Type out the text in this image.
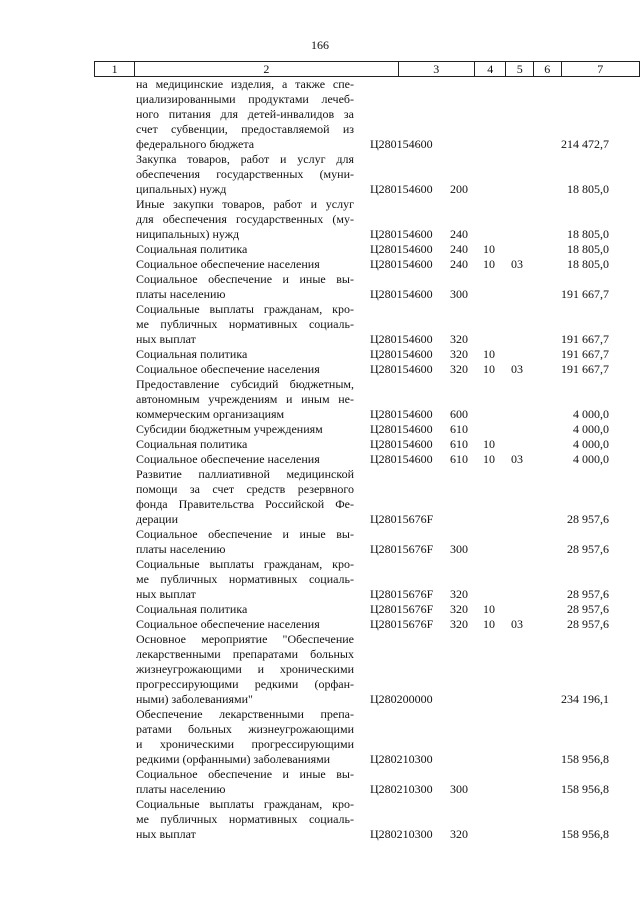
166
1	2	3	4	5	6	7
на медицинские изделия, а также спе-
циализированными продуктами лечеб-
ного питания для детей-инвалидов за
счет субвенции, предоставляемой из
федерального бюджета	Ц280154600	214 472,7
Закупка товаров, работ и услуг для
обеспечения государственных (муни-
ципальных) нужд	Ц280154600 200	18 805,0
Иные закупки товаров, работ и услуг
для обеспечения государственных (му-
ниципальных) нужд	Ц280154600 240	18 805,0
Социальная политика	Ц280154600 240 10	18 805,0
Социальное обеспечение населения	Ц280154600 240 10 03	18 805,0
Социальное обеспечение и иные вы-
платы населению	Ц280154600 300	191 667,7
Социальные выплаты гражданам, кро-
ме публичных нормативных социаль-
ных выплат	Ц280154600 320	191 667,7
Социальная политика	Ц280154600 320 10	191 667,7
Социальное обеспечение населения	Ц280154600 320 10 03	191 667,7
Предоставление субсидий бюджетным,
автономным учреждениям и иным не-
коммерческим организациям	Ц280154600 600	4 000,0
Субсидии бюджетным учреждениям	Ц280154600 610	4 000,0
Социальная политика	Ц280154600 610 10	4 000,0
Социальное обеспечение населения	Ц280154600 610 10 03	4 000,0
Развитие паллиативной медицинской
помощи за счет средств резервного
фонда Правительства Российской Фе-
дерации	Ц28015676F	28 957,6
Социальное обеспечение и иные вы-
платы населению	Ц28015676F 300	28 957,6
Социальные выплаты гражданам, кро-
ме публичных нормативных социаль-
ных выплат	Ц28015676F 320	28 957,6
Социальная политика	Ц28015676F 320 10	28 957,6
Социальное обеспечение населения	Ц28015676F 320 10 03	28 957,6
Основное мероприятие "Обеспечение
лекарственными препаратами больных
жизнеугрожающими и хроническими
прогрессирующими редкими (орфан-
ными) заболеваниями"	Ц280200000	234 196,1
Обеспечение лекарственными препа-
ратами больных жизнеугрожающими
и хроническими прогрессирующими
редкими (орфанными) заболеваниями	Ц280210300	158 956,8
Социальное обеспечение и иные вы-
платы населению	Ц280210300 300	158 956,8
Социальные выплаты гражданам, кро-
ме публичных нормативных социаль-
ных выплат	Ц280210300 320	158 956,8
